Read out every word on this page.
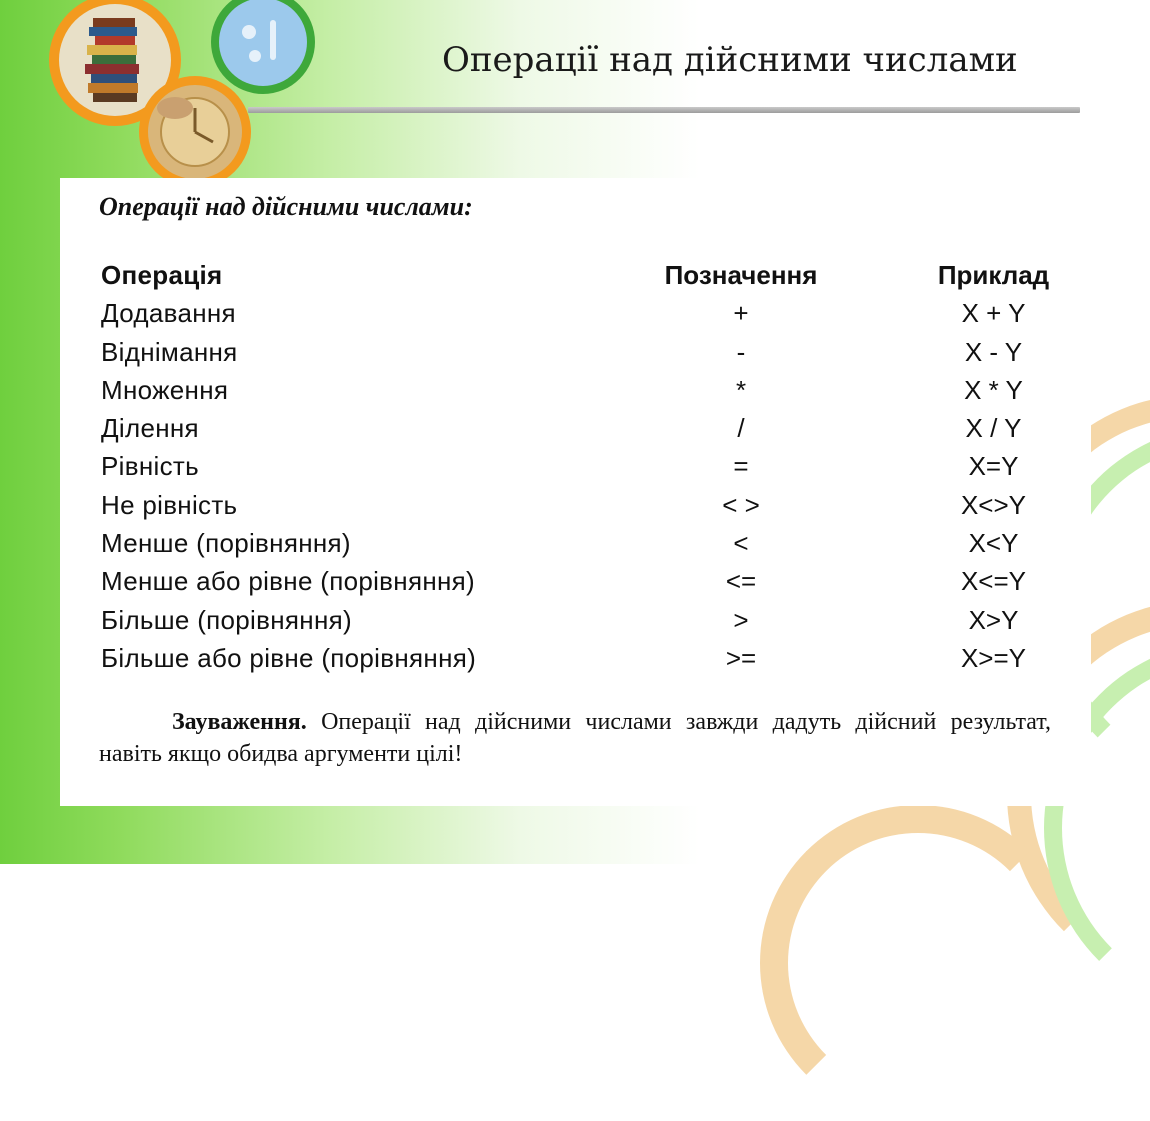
Операції над дійсними числами
Операції над дійсними числами:
Операція	Позначення	Приклад
Додавання	+	X + Y
Віднімання	-	X - Y
Множення	*	X * Y
Ділення	/	X / Y
Рівність	=	X=Y
Не рівність	< >	X<>Y
Менше (порівняння)	<	X<Y
Менше або рівне (порівняння)	<=	X<=Y
Більше (порівняння)	>	X>Y
Більше або рівне (порівняння)	>=	X>=Y
Зауваження. Операції над дійсними числами завжди дадуть дійсний результат, навіть якщо обидва аргументи цілі!
